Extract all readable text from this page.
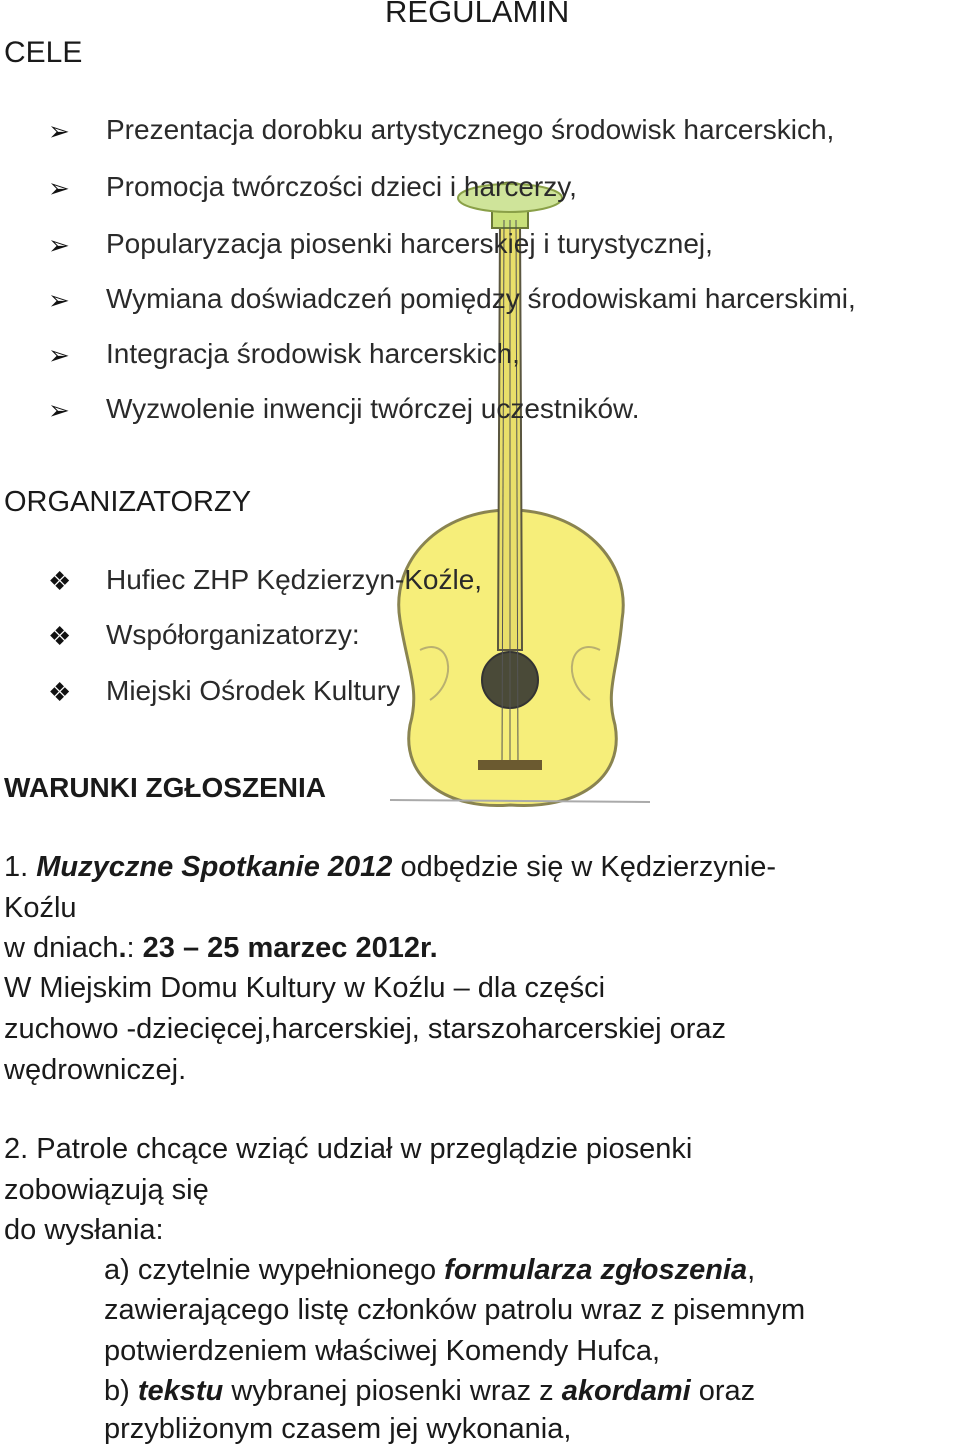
REGULAMIN
CELE
➢	Prezentacja dorobku artystycznego środowisk harcerskich,
➢	Promocja twórczości dzieci i harcerzy,
➢	Popularyzacja piosenki harcerskiej i turystycznej,
➢	Wymiana doświadczeń pomiędzy środowiskami harcerskimi,
➢	Integracja środowisk harcerskich,
➢	Wyzwolenie inwencji twórczej uczestników.
ORGANIZATORZY
❖	Hufiec ZHP Kędzierzyn-Koźle,
❖	Współorganizatorzy:
❖	Miejski Ośrodek Kultury
WARUNKI ZGŁOSZENIA
1. Muzyczne Spotkanie 2012 odbędzie się w Kędzierzynie-
Koźlu
w dniach.: 23 – 25 marzec 2012r.
W Miejskim Domu Kultury w Koźlu – dla części
zuchowo -dziecięcej,harcerskiej, starszoharcerskiej oraz
wędrowniczej.
2. Patrole chcące wziąć udział w przeglądzie piosenki
zobowiązują się
do wysłania:
a) czytelnie wypełnionego formularza zgłoszenia,
zawierającego listę członków patrolu wraz z pisemnym
potwierdzeniem właściwej Komendy Hufca,
b) tekstu wybranej piosenki wraz z akordami oraz
przybliżonym czasem jej wykonania,
